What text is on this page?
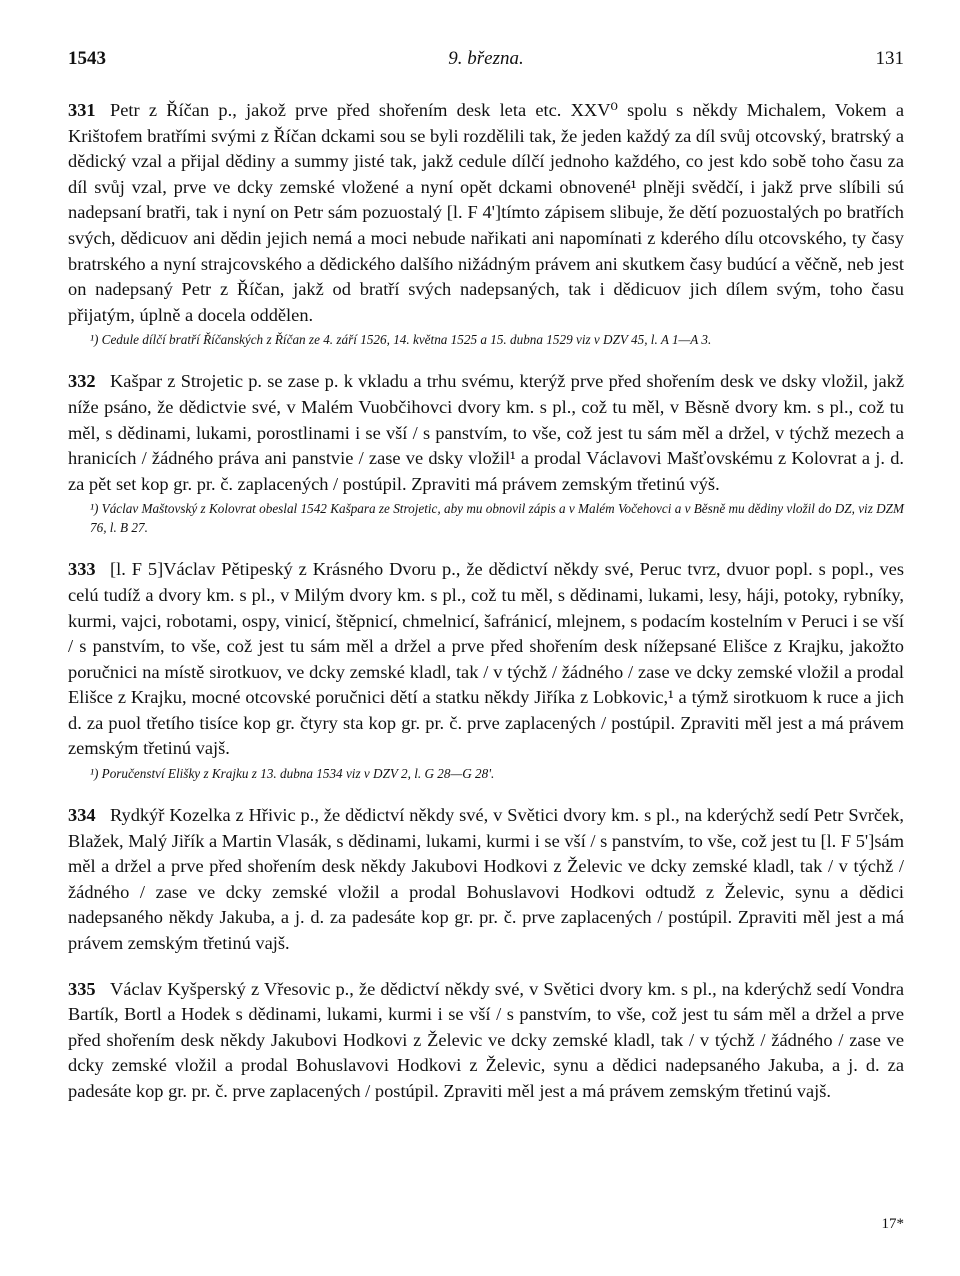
1543	9. března.	131

331 Petr z Říčan p., jakož prve před shořením desk leta etc. XXV⁰ spolu s někdy Michalem, Vokem a Krištofem bratřími svými z Říčan dckami sou se byli rozdělili tak, že jeden každý za díl svůj otcovský, bratrský a dědický vzal a přijal dědiny a summy jisté tak, jakž cedule dílčí jednoho každého, co jest kdo sobě toho času za díl svůj vzal, prve ve dcky zemské vložené a nyní opět dckami obnovené¹ plněji svědčí, i jakž prve slíbili sú nadepsaní bratři, tak i nyní on Petr sám pozuostalý [l. F 4']tímto zápisem slibuje, že dětí pozuostalých po bratřích svých, dědicuov ani dědin jejich nemá a moci nebude nařikati ani napomínati z kderého dílu otcovského, ty časy bratrského a nyní strajcovského a dědického dalšího nižádným právem ani skutkem časy budúcí a věčně, neb jest on nadepsaný Petr z Říčan, jakž od bratří svých nadepsaných, tak i dědicuov jich dílem svým, toho času přijatým, úplně a docela oddělen.

¹) Cedule dílčí bratří Říčanských z Říčan ze 4. září 1526, 14. května 1525 a 15. dubna 1529 viz v DZV 45, l. A 1—A 3.

332 Kašpar z Strojetic p. se zase p. k vkladu a trhu svému, kterýž prve před shořením desk ve dsky vložil, jakž níže psáno, že dědictvie své, v Malém Vuobčihovci dvory km. s pl., což tu měl, v Běsně dvory km. s pl., což tu měl, s dědinami, lukami, porostlinami i se vší / s panstvím, to vše, což jest tu sám měl a držel, v týchž mezech a hranicích / žádného práva ani panstvie / zase ve dsky vložil¹ a prodal Václavovi Mašťovskému z Kolovrat a j. d. za pět set kop gr. pr. č. zaplacených / postúpil. Zpraviti má právem zemským třetinú výš.

¹) Václav Maštovský z Kolovrat obeslal 1542 Kašpara ze Strojetic, aby mu obnovil zápis a v Malém Vočehovci a v Běsně mu dědiny vložil do DZ, viz DZM 76, l. B 27.

333 [l. F 5]Václav Pětipeský z Krásného Dvoru p., že dědictví někdy své, Peruc tvrz, dvuor popl. s popl., ves celú tudíž a dvory km. s pl., v Milým dvory km. s pl., což tu měl, s dědinami, lukami, lesy, háji, potoky, rybníky, kurmi, vajci, robotami, ospy, vinicí, štěpnicí, chmelnicí, šafránicí, mlejnem, s podacím kostelním v Peruci i se vší / s panstvím, to vše, což jest tu sám měl a držel a prve před shořením desk nížepsané Elišce z Krajku, jakožto poručnici na místě sirotkuov, ve dcky zemské kladl, tak / v týchž / žádného / zase ve dcky zemské vložil a prodal Elišce z Krajku, mocné otcovské poručnici dětí a statku někdy Jiříka z Lobkovic,¹ a týmž sirotkuom k ruce a jich d. za puol třetího tisíce kop gr. čtyry sta kop gr. pr. č. prve zaplacených / postúpil. Zpraviti měl jest a má právem zemským třetinú vajš.

¹) Poručenství Elišky z Krajku z 13. dubna 1534 viz v DZV 2, l. G 28—G 28'.

334 Rydkýř Kozelka z Hřivic p., že dědictví někdy své, v Světici dvory km. s pl., na kderýchž sedí Petr Svrček, Blažek, Malý Jiřík a Martin Vlasák, s dědinami, lukami, kurmi i se vší / s panstvím, to vše, což jest tu [l. F 5']sám měl a držel a prve před shořením desk někdy Jakubovi Hodkovi z Želevic ve dcky zemské kladl, tak / v týchž / žádného / zase ve dcky zemské vložil a prodal Bohuslavovi Hodkovi odtudž z Želevic, synu a dědici nadepsaného někdy Jakuba, a j. d. za padesáte kop gr. pr. č. prve zaplacených / postúpil. Zpraviti měl jest a má právem zemským třetinú vajš.

335 Václav Kyšperský z Vřesovic p., že dědictví někdy své, v Světici dvory km. s pl., na kderýchž sedí Vondra Bartík, Bortl a Hodek s dědinami, lukami, kurmi i se vší / s panstvím, to vše, což jest tu sám měl a držel a prve před shořením desk někdy Jakubovi Hodkovi z Želevic ve dcky zemské kladl, tak / v týchž / žádného / zase ve dcky zemské vložil a prodal Bohuslavovi Hodkovi z Želevic, synu a dědici nadepsaného Jakuba, a j. d. za padesáte kop gr. pr. č. prve zaplacených / postúpil. Zpraviti měl jest a má právem zemským třetinú vajš.

17*
